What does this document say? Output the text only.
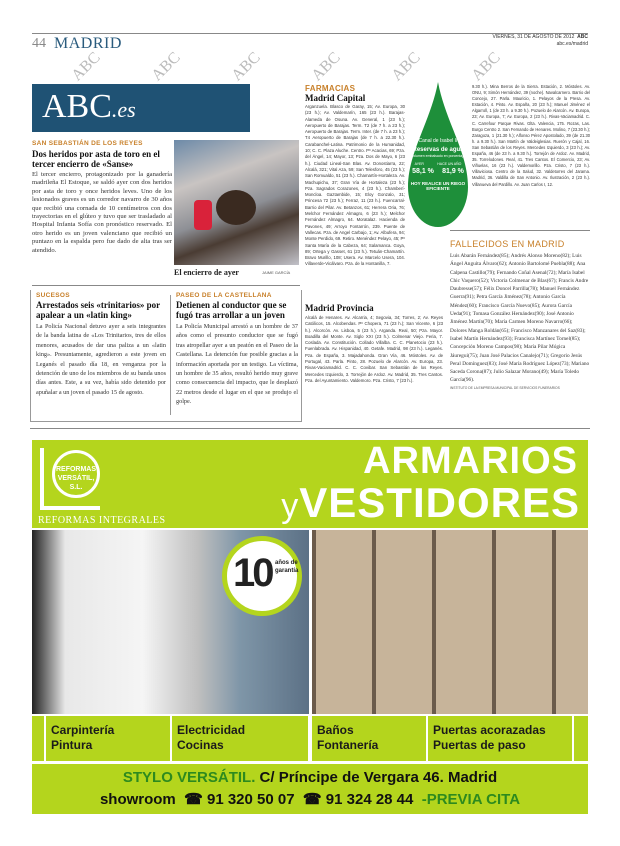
44 MADRID	VIERNES, 31 DE AGOSTO DE 2012 ABC
abc.es/madrid
ABC.es
SAN SEBASTIÁN DE LOS REYES
Dos heridos por asta de toro en el tercer encierro de «Sanse»
El tercer encierro, protagonizado por la ganadería madrileña El Estoque, se saldó ayer con dos heridos por asta de toro y once heridos leves. Uno de los lesionados graves es un corredor navarro de 30 años que recibió una cornada de 10 centímetros con dos trayectorias en el glúteo y tuvo que ser trasladado al Hospital Infanta Sofía con pronóstico reservado. El otro herido es un joven valenciano que recibió un puntazo en la espalda pero fue dado de alta tras ser atendido.
El encierro de ayer	JAIME GARCÍA
SUCESOS
Arrestados seis «trinitarios» por apalear a un «latin king»
La Policía Nacional detuvo ayer a seis integrantes de la banda latina de «Los Trinitarios, tres de ellos menores, acusados de dar una paliza a un «latin king». Presuntamente, agredieron a este joven en Leganés el pasado día 18, en venganza por la detención de uno de los miembros de su banda unos días antes. Este, a su vez, había sido detenido por apuñalar a un joven el pasado 15 de agosto.
PASEO DE LA CASTELLANA
Detienen al conductor que se fugó tras arrollar a un joven
La Policía Municipal arrestó a un hombre de 37 años como el presunto conductor que se fugó tras atropellar ayer a un peatón en el Paseo de la Castellana. La detención fue posible gracias a la información aportada por un testigo. La víctima, un hombre de 35 años, resultó herido muy grave como consecuencia del impacto, que le desplazó 22 metros desde el lugar en el que se produjo el golpe.
FARMACIAS
Madrid Capital
Arganzuela. Blasco de Garay, 15; Av. Europa, 30 (23 h.); Av. Valdemarín, 165 (23 h.). Barajas-Alameda de Osuna. Av. General, 1 (23 h.); Aeropuerto de Barajas. Term. T2 (de 7 h. a 23 h.); Aeropuerto de Barajas. Term. Inter. (de 7 h. a 23 h.); T4 Aeropuerto de Barajas (de 7 h. a 22.30 h.). Carabanchel-Latina. Patrimonio de la Humanidad, 10; C. C. Plaza Aluche. Centro. Pº Acacias, 69; Pza. del Ángel, 14; Mayor, 13; Pza. Dos de Mayo, 6 (23 h.). Ciudad Lineal-San Blas. Av. Donostiarra, 22; Alcalá, 321; Vital Aza, 59; San Telesforo, 45 (23 h.); San Romualdo, 51 (23 h.). Chamartín-Hortaleza. Av. Machupichu, 37; Gran Vía de Hortaleza (23 h.); Pza. Sagrados Corazones, 4 (23 h.). Chamberí-Moncloa. Gaztambide, 15; Eloy Gonzalo, 31; Princesa 72 (23 h.); Ferraz, 11 (23 h.). Fuencarral-Barrio del Pilar. Av. Betanzos, 61; Herrera Oria, 76; Melchor Fernández Almagro, 6 (23 h.); Melchor Fernández Almagro, 64. Moratalaz. Hacienda de Pavones, 49; Arroyo Fontarrón, 239. Puente de Vallecas. Pza. de Angel Carbajo, 1; Av. Albufera, 94; Monte Perdido, 69. Retiro. Menéndez Pelayo, 45; Pº Santa María de la Cabeza, 64; Salamanca. Goya, 89; Ortega y Gasset, 61 (23 h.). Tetuán-Chamartín. Bravo Murillo, 108; Usera. Av. Marcelo Usera, 104. Villaverde-Vicálvaro. Pza. de la Hontanilla, 7.
Madrid Provincia
Alcalá de Henares. Av. Alcarria, 4; Segovia, 34; Torres, 2; Av. Reyes Católicos, 15. Alcobendas. Pº Chopera, 71 (23 h.); San Vicente, 6 (23 h.). Alcorcón. Av. Lisboa, 5 (23 h.). Arganda. Real, 50; Pza. Mayor. Boadilla del Monte. Av. Siglo XXI (23 h.). Colmenar Viejo. Feria, 7. Coslada. Av. Constitución. Collado Villalba. C. C. Planetocio (23 h.). Fuenlabrada. Av. Hispanidad, 40. Getafe. Madrid, 98 (23 h.). Leganés. Pza. de España, 3. Majadahonda. Gran Vía, 46. Móstoles. Av. de Portugal, 43. Parla. Pinto, 28. Pozuelo de Alarcón. Av. Europa, 23. Rivas-Vaciamadrid. C. C. Covibar. San Sebastián de los Reyes. Mercedes Izquierdo, 3. Torrejón de Ardoz. Av. Madrid, 35. Tres Cantos. Pza. del Ayuntamiento. Valdemoro. Pza. Cristo, 7 (23 h.).
Canal de Isabel II
Reservas de agua
Volumen embalsado en porcentaje
AYER	HACE UN AÑO
58,1 % 81,9 %
HOY REALICE UN RIEGO EFICIENTE
9.30 h.). Mina Berros de la Sierra. Estación, 2. Móstoles. Av. ONU, 9; Simón Hernández, 39 (noche). Navalcarnero. Barrio del Concejo, 27. Parla. Mauricio, 1. Pelayos de la Presa. Av. Estación, 4. Pinto. Av. España, 20 (23 h.); Manuel Jiménez el Algarroll, 1 (de 23 h. a 9.30 h.). Pozuelo de Alarcón. Av. Europa, 23; Av. Europa, 7; Av. Europa, 2 (23 h.). Rivas-Vaciamadrid. C. C. Carrefour Parque Rivas. Glta. Valencia, 175. Rozas, Las. Burgo Centro 2. San Fernando de Henares. Molino, 7 (23.30 h.); Zaragoza, 1 (21.30 h.); Alfonso Pérez Apostolado, 39 (de 21.30 h. a 9.30 h.). San Martín de Valdeiglesias. Ruerón y Cajal, 16. San Sebastián de los Reyes. Mercedes Izquierdo, 3 (23 h.); Av. España, 46 (de 23 h. a 9.30 h.). Torrejón de Ardoz. Av. Madrid, 35. Torrelodones. Real, 41. Tres Cantos. El Comercio, 23; Av. Viñuelas, 16 (23 h.). Valdemorillo. Pza. Cristo, 7 (23 h.). Villaviciosa. Centro de la Salud, 32. Valdetorres del Jarama. Madrid, 36. Valdilla de San Antonio. Av. Ilustración, 2 (23 h.). Villanueva del Pardillo. Av. Juan Carlos I, 12.
FALLECIDOS EN MADRID
Luis Abarán Fernández(85); Andrés Alonso Moreno(82); Luis Ángel Anguita Álvaro(62); Antonio Bartolomé Puebla(88); Ana Calpena Castillo(79); Fernando Coñal Asenal(72); María Isabel Chic Vaquero(52); Victoria Colmenar de Blas(67); Francis Andre Daubresse(57); Félix Doncel Parrilla(78); Manuel Fernández Guerra(91); Petra García Jiménez(78); Antonio García Méndez(60); Francisco García Nuevo(85); Aurora García Ueda(91); Tomasa González Hernández(90); José Antonio Jiménez Martín(70); María Carmen Moreno Navarro(66); Dolores Manga Roldán(65); Francisco Manzanares del Saz(83); Isabel Martín Hernández(93); Francisca Martínez Tornel(85); Concepción Moreno Campos(98); María Pilar Mógica Jáuregui(75); Juan José Palacios Canalejo(71); Gregorio Jesús Peral Domínguez(83); José María Rodríguez López(73); Mariano Saceda Corona(87); Julio Salazar Morano(49); María Toledo García(96).
INSTITUTO DE LA EMPRESA MUNICIPAL DE SERVICIOS FUNERARIOS
REFORMAS VERSÁTIL, S.L.
REFORMAS INTEGRALES
ARMARIOS
yVESTIDORES
10 años de garantía
Carpintería
Pintura
Electricidad
Cocinas
Baños
Fontanería
Puertas acorazadas
Puertas de paso
STYLO VERSÁTIL. C/ Príncipe de Vergara 46. Madrid
showroom ☎ 91 320 50 07 ☎ 91 324 28 44 -PREVIA CITA
ABC	ABC	ABC	ABC	ABC	ABC
